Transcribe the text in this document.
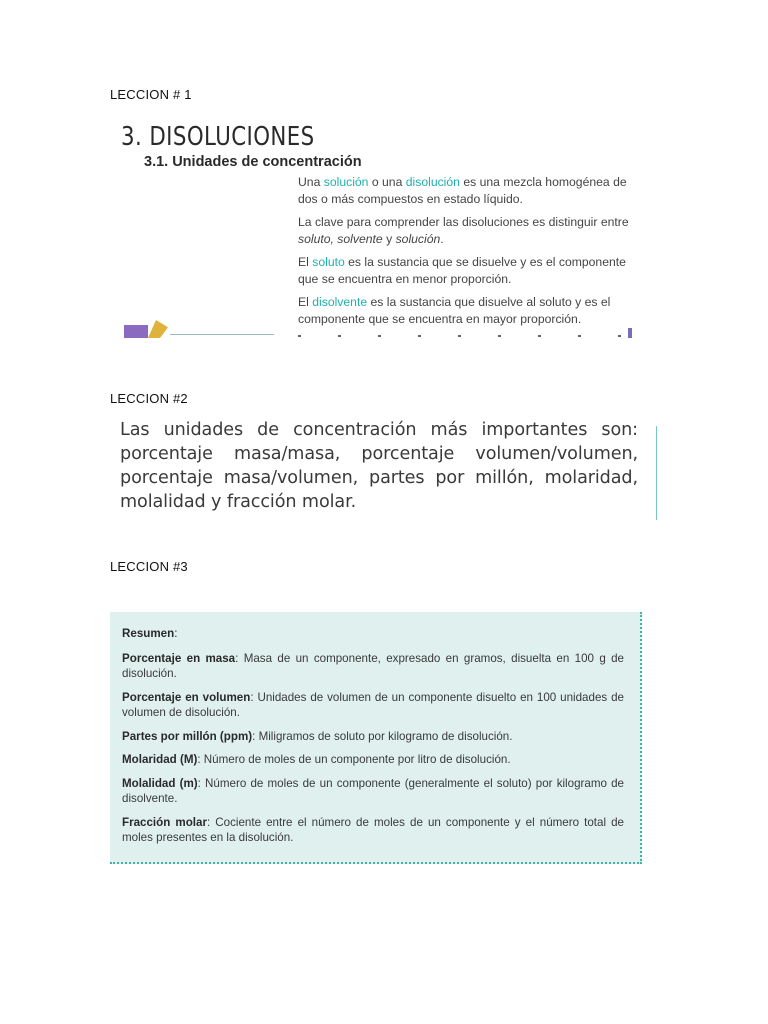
LECCION # 1
3. DISOLUCIONES
3.1. Unidades de concentración

Una solución o una disolución es una mezcla homogénea de dos o más compuestos en estado líquido.

La clave para comprender las disoluciones es distinguir entre soluto, solvente y solución.

El soluto es la sustancia que se disuelve y es el componente que se encuentra en menor proporción.

El disolvente es la sustancia que disuelve al soluto y es el componente que se encuentra en mayor proporción.

LECCION #2
Las unidades de concentración más importantes son: porcentaje masa/masa, porcentaje volumen/volumen, porcentaje masa/volumen, partes por millón, molaridad, molalidad y fracción molar.
LECCION #3

Resumen:

Porcentaje en masa: Masa de un componente, expresado en gramos, disuelta en 100 g de disolución.

Porcentaje en volumen: Unidades de volumen de un componente disuelto en 100 unidades de volumen de disolución.

Partes por millón (ppm): Miligramos de soluto por kilogramo de disolución.

Molaridad (M): Número de moles de un componente por litro de disolución.

Molalidad (m): Número de moles de un componente (generalmente el soluto) por kilogramo de disolvente.

Fracción molar: Cociente entre el número de moles de un componente y el número total de moles presentes en la disolución.
